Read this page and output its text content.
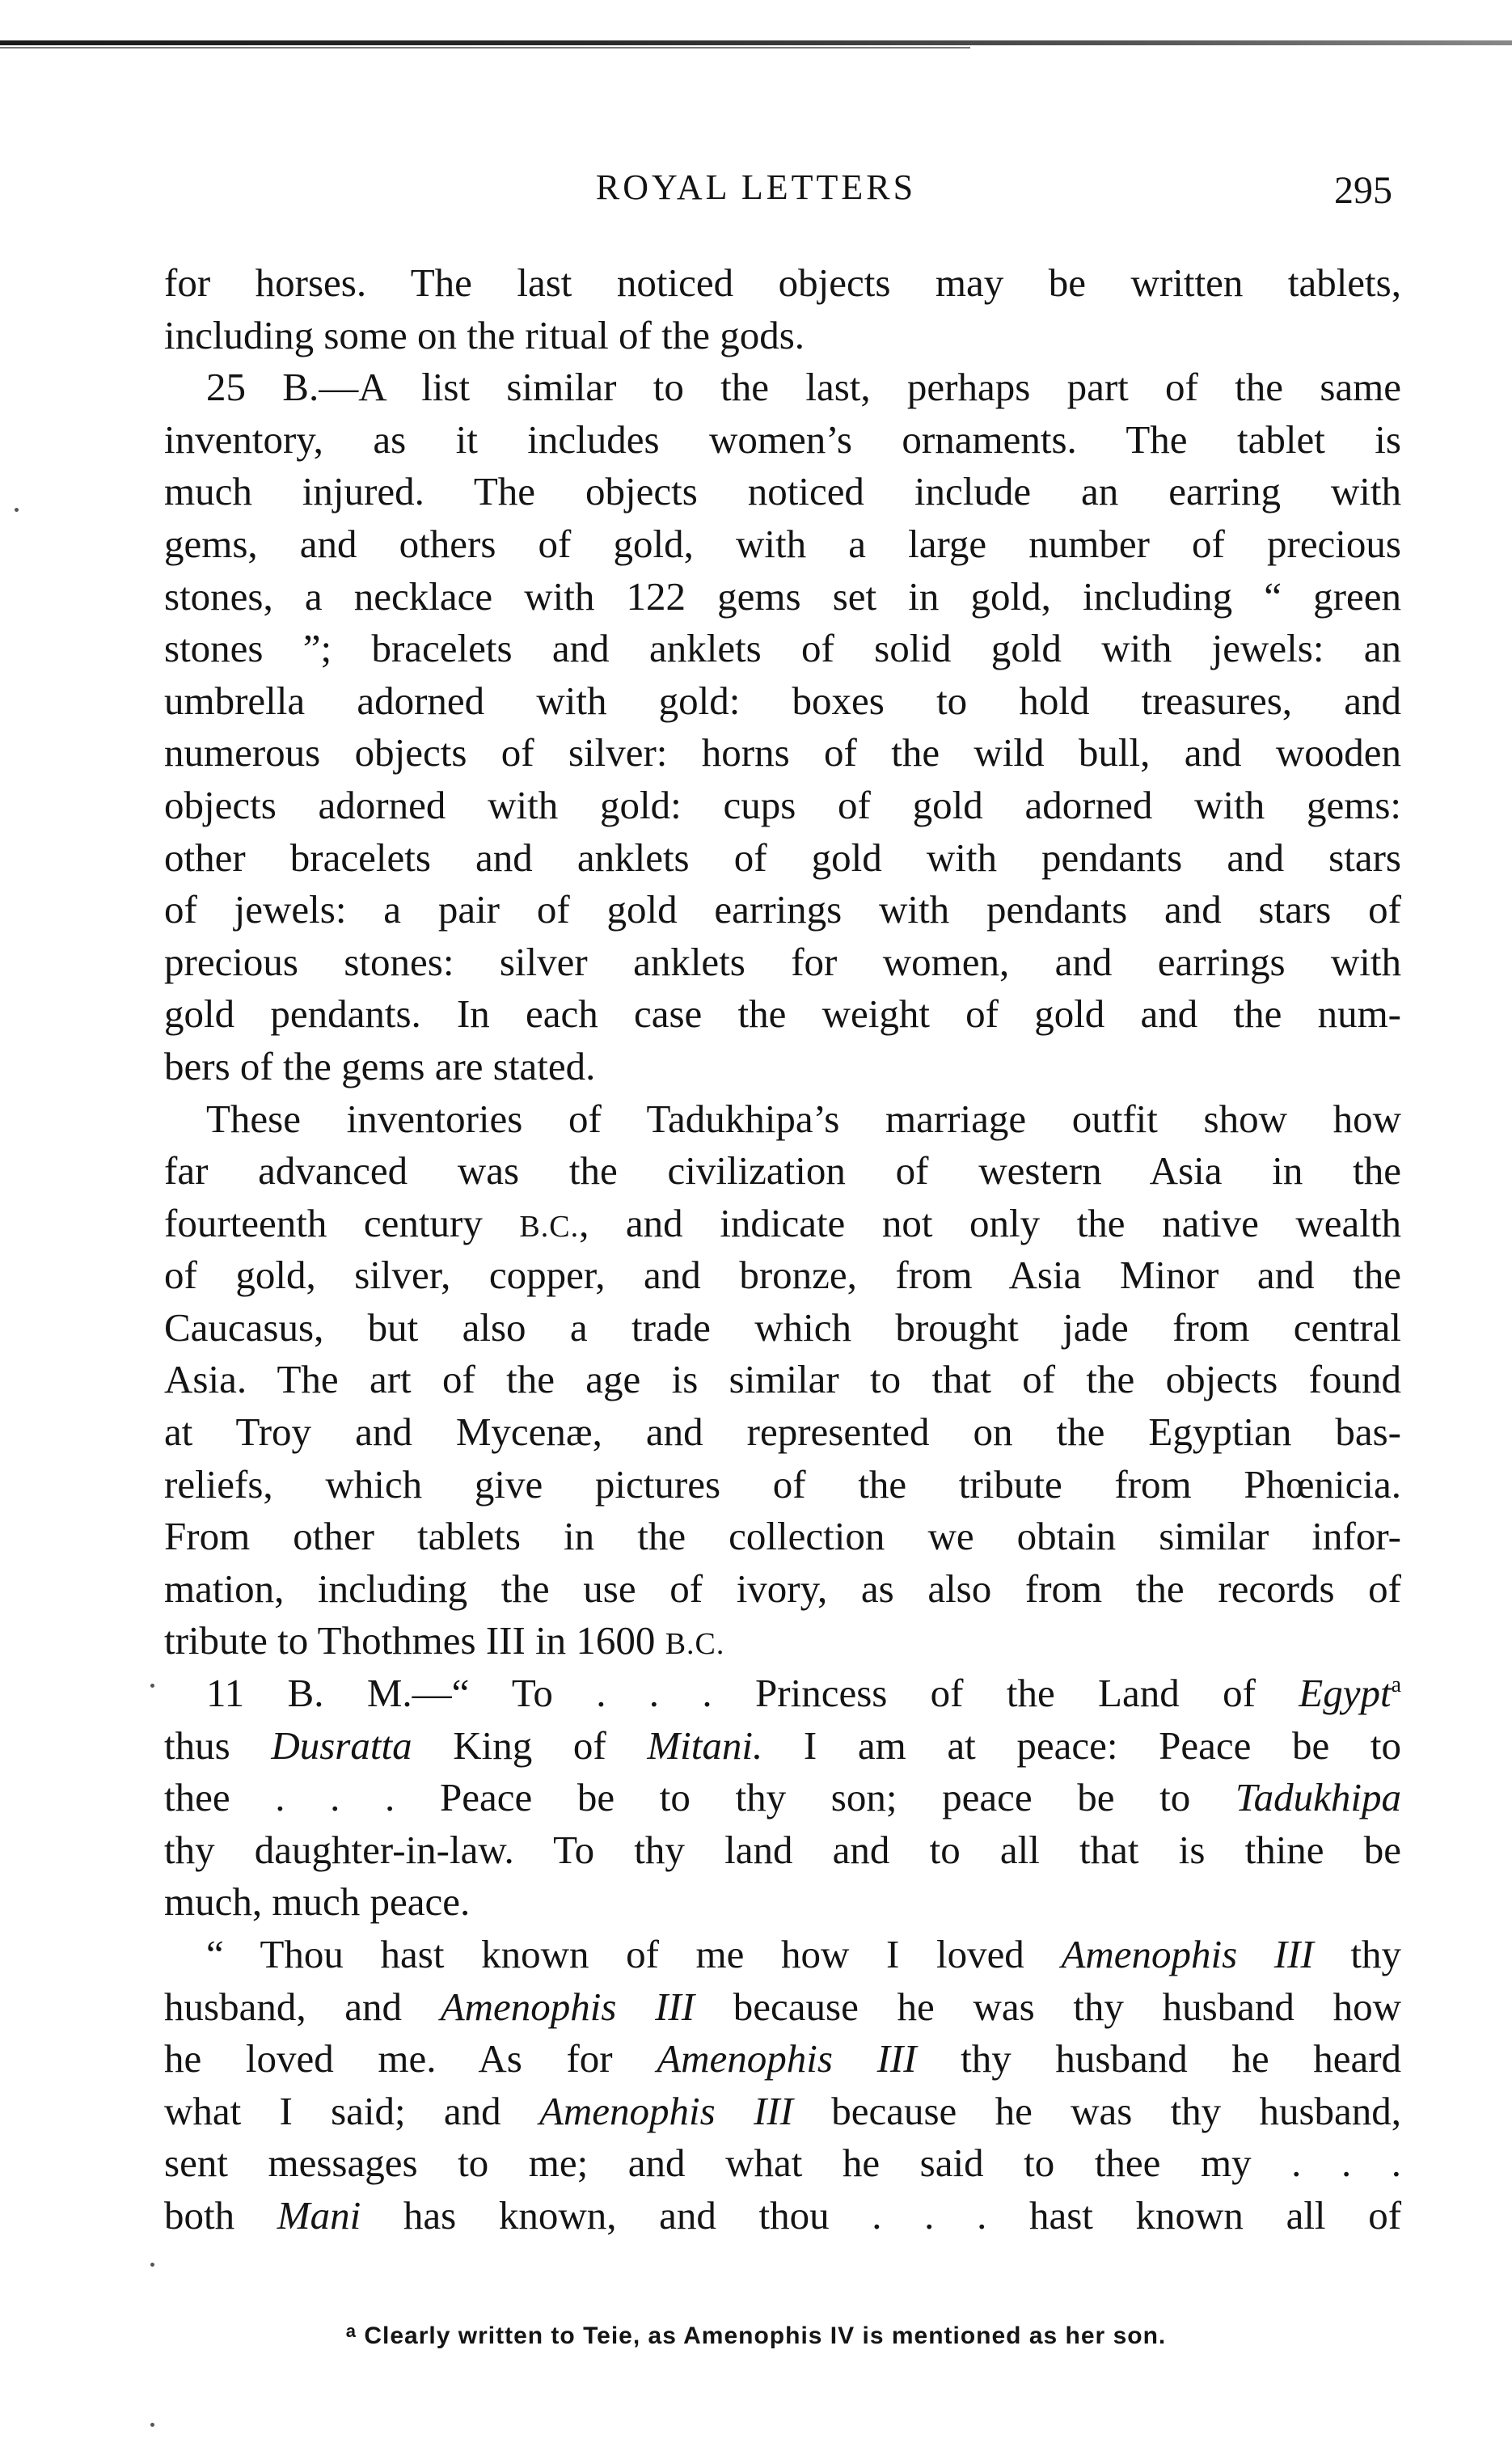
ROYAL LETTERS	295
for horses. The last noticed objects may be written tablets,
including some on the ritual of the gods.
25 B.—A list similar to the last, perhaps part of the same
inventory, as it includes women’s ornaments. The tablet is
much injured. The objects noticed include an earring with
gems, and others of gold, with a large number of precious
stones, a necklace with 122 gems set in gold, including “ green
stones ”; bracelets and anklets of solid gold with jewels: an
umbrella adorned with gold: boxes to hold treasures, and
numerous objects of silver: horns of the wild bull, and wooden
objects adorned with gold: cups of gold adorned with gems:
other bracelets and anklets of gold with pendants and stars
of jewels: a pair of gold earrings with pendants and stars of
precious stones: silver anklets for women, and earrings with
gold pendants. In each case the weight of gold and the num-
bers of the gems are stated.
These inventories of Tadukhipa’s marriage outfit show how
far advanced was the civilization of western Asia in the
fourteenth century B.C., and indicate not only the native wealth
of gold, silver, copper, and bronze, from Asia Minor and the
Caucasus, but also a trade which brought jade from central
Asia. The art of the age is similar to that of the objects found
at Troy and Mycenæ, and represented on the Egyptian bas-
reliefs, which give pictures of the tribute from Phœnicia.
From other tablets in the collection we obtain similar infor-
mation, including the use of ivory, as also from the records of
tribute to Thothmes III in 1600 B.C.
11 B. M.—“ To . . . Princess of the Land of Egypt$^a$
thus Dusratta King of Mitani. I am at peace: Peace be to
thee . . . Peace be to thy son; peace be to Tadukhipa
thy daughter-in-law. To thy land and to all that is thine be
much, much peace.
“ Thou hast known of me how I loved Amenophis III thy
husband, and Amenophis III because he was thy husband how
he loved me. As for Amenophis III thy husband he heard
what I said; and Amenophis III because he was thy husband,
sent messages to me; and what he said to thee my . . .
both Mani has known, and thou . . . hast known all of
$^a$ Clearly written to Teie, as Amenophis IV is mentioned as her son.
